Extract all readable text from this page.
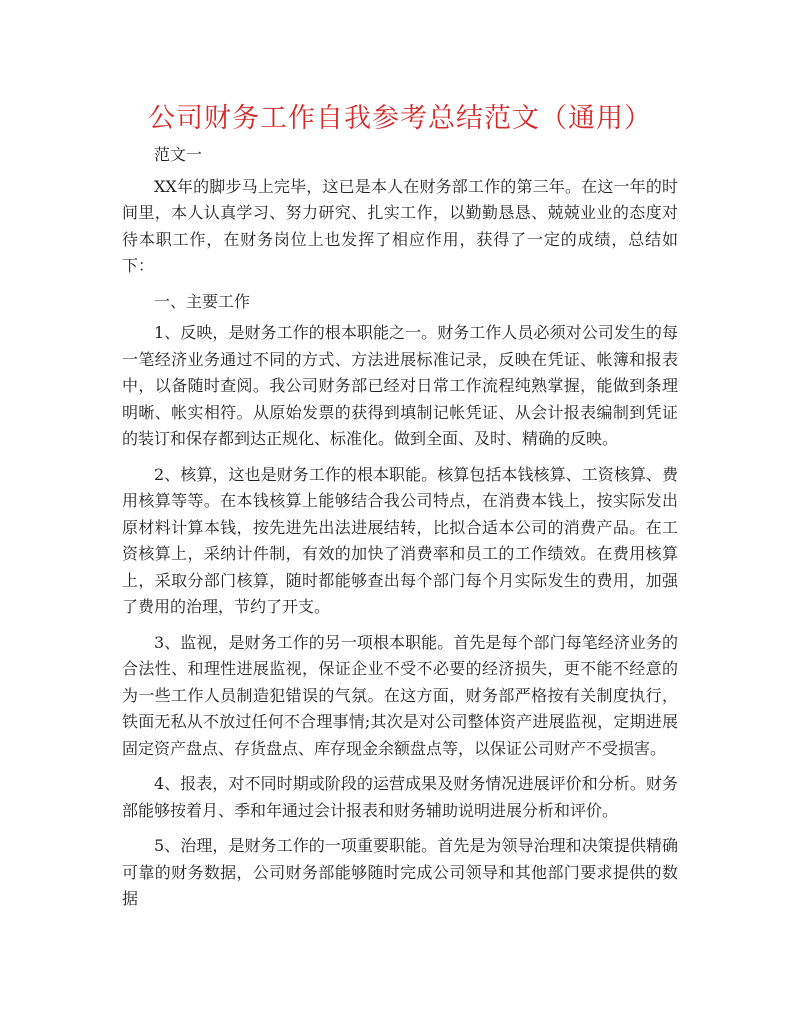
公司财务工作自我参考总结范文（通用）

范文一

XX年的脚步马上完毕，这已是本人在财务部工作的第三年。在这一年的时间里，本人认真学习、努力研究、扎实工作，以勤勤恳恳、兢兢业业的态度对待本职工作，在财务岗位上也发挥了相应作用，获得了一定的成绩，总结如下：

一、主要工作

1、反映，是财务工作的根本职能之一。财务工作人员必须对公司发生的每一笔经济业务通过不同的方式、方法进展标准记录，反映在凭证、帐簿和报表中，以备随时查阅。我公司财务部已经对日常工作流程纯熟掌握，能做到条理明晰、帐实相符。从原始发票的获得到填制记帐凭证、从会计报表编制到凭证的装订和保存都到达正规化、标准化。做到全面、及时、精确的反映。

2、核算，这也是财务工作的根本职能。核算包括本钱核算、工资核算、费用核算等等。在本钱核算上能够结合我公司特点，在消费本钱上，按实际发出原材料计算本钱，按先进先出法进展结转，比拟合适本公司的消费产品。在工资核算上，采纳计件制，有效的加快了消费率和员工的工作绩效。在费用核算上，采取分部门核算，随时都能够查出每个部门每个月实际发生的费用，加强了费用的治理，节约了开支。

3、监视，是财务工作的另一项根本职能。首先是每个部门每笔经济业务的合法性、和理性进展监视，保证企业不受不必要的经济损失，更不能不经意的为一些工作人员制造犯错误的气氛。在这方面，财务部严格按有关制度执行，铁面无私从不放过任何不合理事情;其次是对公司整体资产进展监视，定期进展固定资产盘点、存货盘点、库存现金余额盘点等，以保证公司财产不受损害。

4、报表，对不同时期或阶段的运营成果及财务情况进展评价和分析。财务部能够按着月、季和年通过会计报表和财务辅助说明进展分析和评价。

5、治理，是财务工作的一项重要职能。首先是为领导治理和决策提供精确可靠的财务数据，公司财务部能够随时完成公司领导和其他部门要求提供的数据
